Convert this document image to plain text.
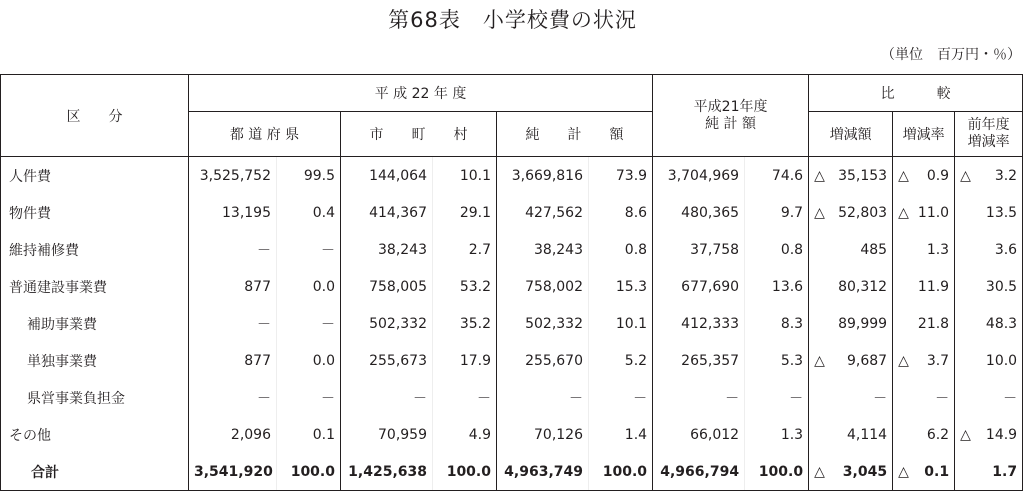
第68表　小学校費の状況
（単位　百万円・％）
区　　分	平 成 22 年 度						平成21年度
純 計 額		比　　　較		
	都 道 府 県		市　　町　　村		純　　計　　額				増減額	増減率	前年度
増減率

人件費	3,525,752	99.5	144,064	10.1	3,669,816	73.9	3,704,969	74.6	△ 35,153	△ 0.9	△ 3.2

物件費	13,195	0.4	414,367	29.1	427,562	8.6	480,365	9.7	△ 52,803	△ 11.0	13.5

維持補修費	－	－	38,243	2.7	38,243	0.8	37,758	0.8	485	1.3	3.6

普通建設事業費	877	0.0	758,005	53.2	758,002	15.3	677,690	13.6	80,312	11.9	30.5

補助事業費	－	－	502,332	35.2	502,332	10.1	412,333	8.3	89,999	21.8	48.3

単独事業費	877	0.0	255,673	17.9	255,670	5.2	265,357	5.3	△ 9,687	△ 3.7	10.0

県営事業負担金	－	－	－	－	－	－	－	－	－	－	－

その他	2,096	0.1	70,959	4.9	70,126	1.4	66,012	1.3	4,114	6.2	△ 14.9

合計	3,541,920	100.0	1,425,638	100.0	4,963,749	100.0	4,966,794	100.0	△ 3,045	△ 0.1	1.7
